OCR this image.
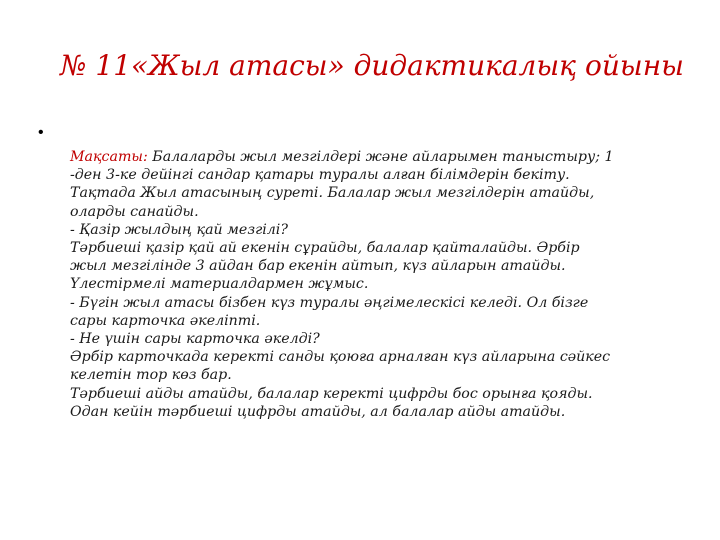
№ 11«Жыл атасы» дидактикалық ойыны
•
Мақсаты: Балаларды жыл мезгілдері және айларымен таныстыру; 1
-ден 3-ке дейінгі сандар қатары туралы алған білімдерін бекіту.
Тақтада Жыл атасының суреті. Балалар жыл мезгілдерін атайды,
оларды санайды.
- Қазір жылдың қай мезгілі?
Тәрбиеші қазір қай ай екенін сұрайды, балалар қайталайды. Әрбір
жыл мезгілінде 3 айдан бар екенін айтып, күз айларын атайды.
Үлестірмелі материалдармен жұмыс.
- Бүгін жыл атасы бізбен күз туралы әңгімелескісі келеді. Ол бізге
сары карточка әкеліпті.
- Не үшін сары карточка әкелді?
Әрбір карточкада керекті санды қоюға арналған күз айларына сәйкес
келетін тор көз бар.
Тәрбиеші айды атайды, балалар керекті цифрды бос орынға қояды.
Одан кейін тәрбиеші цифрды атайды, ал балалар айды атайды.
